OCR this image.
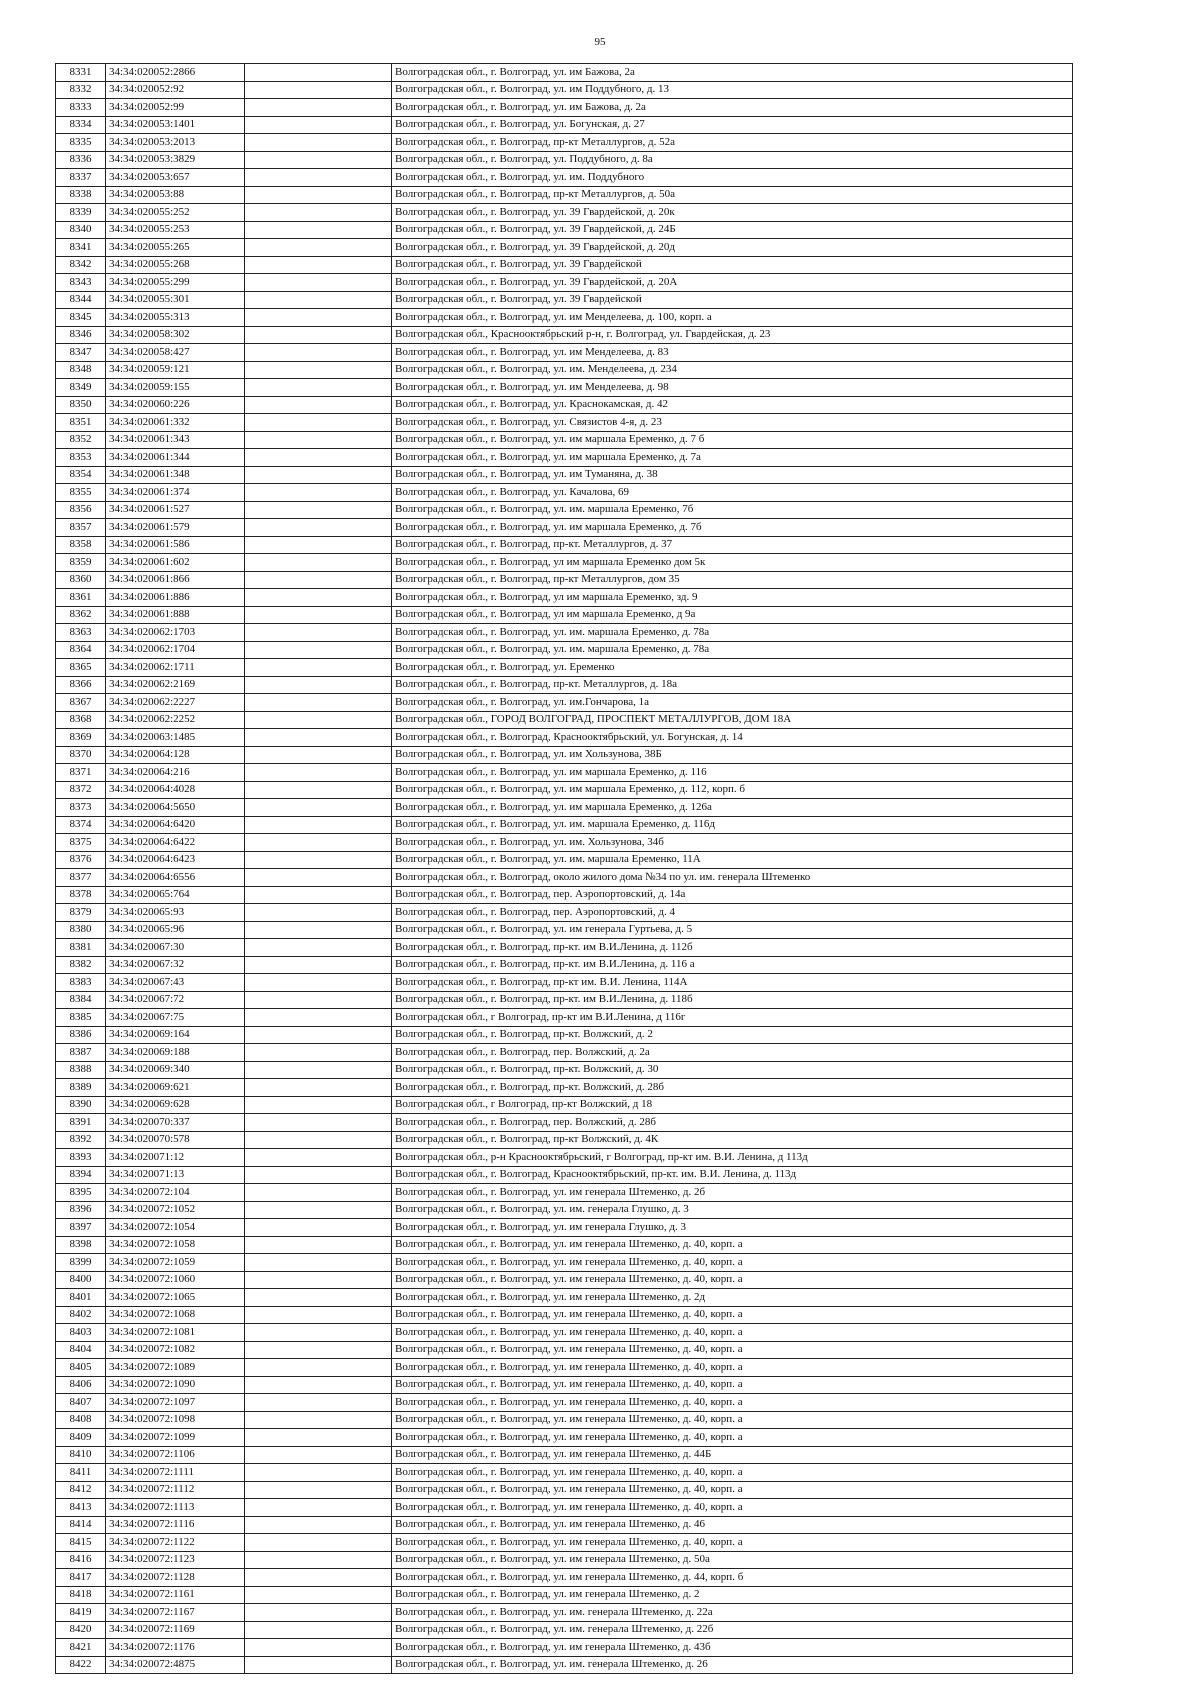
95
8331	34:34:020052:2866		Волгоградская обл., г. Волгоград, ул. им Бажова, 2а
8332	34:34:020052:92		Волгоградская обл., г. Волгоград, ул. им Поддубного, д. 13
8333	34:34:020052:99		Волгоградская обл., г. Волгоград, ул. им Бажова, д. 2а
8334	34:34:020053:1401		Волгоградская обл., г. Волгоград, ул. Богунская, д. 27
8335	34:34:020053:2013		Волгоградская обл., г. Волгоград, пр-кт Металлургов, д. 52а
8336	34:34:020053:3829		Волгоградская обл., г. Волгоград, ул. Поддубного, д. 8а
8337	34:34:020053:657		Волгоградская обл., г. Волгоград, ул. им. Поддубного
8338	34:34:020053:88		Волгоградская обл., г. Волгоград, пр-кт Металлургов, д. 50а
8339	34:34:020055:252		Волгоградская обл., г. Волгоград, ул. 39 Гвардейской, д. 20к
8340	34:34:020055:253		Волгоградская обл., г. Волгоград, ул. 39 Гвардейской, д. 24Б
8341	34:34:020055:265		Волгоградская обл., г. Волгоград, ул. 39 Гвардейской, д. 20д
8342	34:34:020055:268		Волгоградская обл., г. Волгоград, ул. 39 Гвардейской
8343	34:34:020055:299		Волгоградская обл., г. Волгоград, ул. 39 Гвардейской, д. 20А
8344	34:34:020055:301		Волгоградская обл., г. Волгоград, ул. 39 Гвардейской
8345	34:34:020055:313		Волгоградская обл., г. Волгоград, ул. им Менделеева, д. 100, корп. а
8346	34:34:020058:302		Волгоградская обл., Краснооктябрьский р-н, г. Волгоград, ул. Гвардейская, д. 23
8347	34:34:020058:427		Волгоградская обл., г. Волгоград, ул. им Менделеева, д. 83
8348	34:34:020059:121		Волгоградская обл., г. Волгоград, ул. им. Менделеева, д. 234
8349	34:34:020059:155		Волгоградская обл., г. Волгоград, ул. им Менделеева, д. 98
8350	34:34:020060:226		Волгоградская обл., г. Волгоград, ул. Краснокамская, д. 42
8351	34:34:020061:332		Волгоградская обл., г. Волгоград, ул. Связистов 4-я, д. 23
8352	34:34:020061:343		Волгоградская обл., г. Волгоград, ул. им маршала Еременко, д. 7 б
8353	34:34:020061:344		Волгоградская обл., г. Волгоград, ул. им маршала Еременко, д. 7а
8354	34:34:020061:348		Волгоградская обл., г. Волгоград, ул. им Туманяна, д. 38
8355	34:34:020061:374		Волгоградская обл., г. Волгоград, ул. Качалова, 69
8356	34:34:020061:527		Волгоградская обл., г. Волгоград, ул. им. маршала Еременко, 7б
8357	34:34:020061:579		Волгоградская обл., г. Волгоград, ул. им маршала Еременко, д. 7б
8358	34:34:020061:586		Волгоградская обл., г. Волгоград, пр-кт. Металлургов, д. 37
8359	34:34:020061:602		Волгоградская обл., г. Волгоград, ул им маршала Еременко дом 5к
8360	34:34:020061:866		Волгоградская обл., г. Волгоград, пр-кт Металлургов, дом 35
8361	34:34:020061:886		Волгоградская обл., г. Волгоград, ул им маршала Еременко, зд. 9
8362	34:34:020061:888		Волгоградская обл., г. Волгоград, ул им маршала Еременко, д 9а
8363	34:34:020062:1703		Волгоградская обл., г. Волгоград, ул. им. маршала Еременко, д. 78а
8364	34:34:020062:1704		Волгоградская обл., г. Волгоград, ул. им. маршала Еременко, д. 78а
8365	34:34:020062:1711		Волгоградская обл., г. Волгоград, ул. Еременко
8366	34:34:020062:2169		Волгоградская обл., г. Волгоград, пр-кт. Металлургов, д. 18а
8367	34:34:020062:2227		Волгоградская обл., г. Волгоград, ул. им.Гончарова, 1а
8368	34:34:020062:2252		Волгоградская обл., ГОРОД ВОЛГОГРАД, ПРОСПЕКТ МЕТАЛЛУРГОВ, ДОМ 18А
8369	34:34:020063:1485		Волгоградская обл., г. Волгоград, Краснооктябрьский, ул. Богунская, д. 14
8370	34:34:020064:128		Волгоградская обл., г. Волгоград, ул. им Хользунова, 38Б
8371	34:34:020064:216		Волгоградская обл., г. Волгоград, ул. им маршала Еременко, д. 116
8372	34:34:020064:4028		Волгоградская обл., г. Волгоград, ул. им маршала Еременко, д. 112, корп. б
8373	34:34:020064:5650		Волгоградская обл., г. Волгоград, ул. им маршала Еременко, д. 126а
8374	34:34:020064:6420		Волгоградская обл., г. Волгоград, ул. им. маршала Еременко, д. 116д
8375	34:34:020064:6422		Волгоградская обл., г. Волгоград, ул. им. Хользунова, 34б
8376	34:34:020064:6423		Волгоградская обл., г. Волгоград, ул. им. маршала Еременко, 11А
8377	34:34:020064:6556		Волгоградская обл., г. Волгоград, около жилого дома №34 по ул. им. генерала Штеменко
8378	34:34:020065:764		Волгоградская обл., г. Волгоград, пер. Аэропортовский, д. 14а
8379	34:34:020065:93		Волгоградская обл., г. Волгоград, пер. Аэропортовский, д. 4
8380	34:34:020065:96		Волгоградская обл., г. Волгоград, ул. им генерала Гуртьева, д. 5
8381	34:34:020067:30		Волгоградская обл., г. Волгоград, пр-кт. им В.И.Ленина, д. 112б
8382	34:34:020067:32		Волгоградская обл., г. Волгоград, пр-кт. им В.И.Ленина, д. 116 а
8383	34:34:020067:43		Волгоградская обл., г. Волгоград, пр-кт им. В.И. Ленина, 114А
8384	34:34:020067:72		Волгоградская обл., г. Волгоград, пр-кт. им В.И.Ленина, д. 118б
8385	34:34:020067:75		Волгоградская обл., г Волгоград, пр-кт им В.И.Ленина, д 116г
8386	34:34:020069:164		Волгоградская обл., г. Волгоград, пр-кт. Волжский, д. 2
8387	34:34:020069:188		Волгоградская обл., г. Волгоград, пер. Волжский, д. 2а
8388	34:34:020069:340		Волгоградская обл., г. Волгоград, пр-кт. Волжский, д. 30
8389	34:34:020069:621		Волгоградская обл., г. Волгоград, пр-кт. Волжский, д. 28б
8390	34:34:020069:628		Волгоградская обл., г Волгоград, пр-кт Волжский, д 18
8391	34:34:020070:337		Волгоградская обл., г. Волгоград, пер. Волжский, д. 28б
8392	34:34:020070:578		Волгоградская обл., г. Волгоград, пр-кт Волжский, д. 4К
8393	34:34:020071:12		Волгоградская обл., р-н Краснооктябрьский, г Волгоград, пр-кт им. В.И. Ленина, д 113д
8394	34:34:020071:13		Волгоградская обл., г. Волгоград, Краснооктябрьский, пр-кт. им. В.И. Ленина, д. 113д
8395	34:34:020072:104		Волгоградская обл., г. Волгоград, ул. им генерала Штеменко, д. 2б
8396	34:34:020072:1052		Волгоградская обл., г. Волгоград, ул. им. генерала Глушко, д. 3
8397	34:34:020072:1054		Волгоградская обл., г. Волгоград, ул. им генерала Глушко, д. 3
8398	34:34:020072:1058		Волгоградская обл., г. Волгоград, ул. им генерала Штеменко, д. 40, корп. а
8399	34:34:020072:1059		Волгоградская обл., г. Волгоград, ул. им генерала Штеменко, д. 40, корп. а
8400	34:34:020072:1060		Волгоградская обл., г. Волгоград, ул. им генерала Штеменко, д. 40, корп. а
8401	34:34:020072:1065		Волгоградская обл., г. Волгоград, ул. им генерала Штеменко, д. 2д
8402	34:34:020072:1068		Волгоградская обл., г. Волгоград, ул. им генерала Штеменко, д. 40, корп. а
8403	34:34:020072:1081		Волгоградская обл., г. Волгоград, ул. им генерала Штеменко, д. 40, корп. а
8404	34:34:020072:1082		Волгоградская обл., г. Волгоград, ул. им генерала Штеменко, д. 40, корп. а
8405	34:34:020072:1089		Волгоградская обл., г. Волгоград, ул. им генерала Штеменко, д. 40, корп. а
8406	34:34:020072:1090		Волгоградская обл., г. Волгоград, ул. им генерала Штеменко, д. 40, корп. а
8407	34:34:020072:1097		Волгоградская обл., г. Волгоград, ул. им генерала Штеменко, д. 40, корп. а
8408	34:34:020072:1098		Волгоградская обл., г. Волгоград, ул. им генерала Штеменко, д. 40, корп. а
8409	34:34:020072:1099		Волгоградская обл., г. Волгоград, ул. им генерала Штеменко, д. 40, корп. а
8410	34:34:020072:1106		Волгоградская обл., г. Волгоград, ул. им генерала Штеменко, д. 44Б
8411	34:34:020072:1111		Волгоградская обл., г. Волгоград, ул. им генерала Штеменко, д. 40, корп. а
8412	34:34:020072:1112		Волгоградская обл., г. Волгоград, ул. им генерала Штеменко, д. 40, корп. а
8413	34:34:020072:1113		Волгоградская обл., г. Волгоград, ул. им генерала Штеменко, д. 40, корп. а
8414	34:34:020072:1116		Волгоградская обл., г. Волгоград, ул. им генерала Штеменко, д. 46
8415	34:34:020072:1122		Волгоградская обл., г. Волгоград, ул. им генерала Штеменко, д. 40, корп. а
8416	34:34:020072:1123		Волгоградская обл., г. Волгоград, ул. им генерала Штеменко, д. 50а
8417	34:34:020072:1128		Волгоградская обл., г. Волгоград, ул. им генерала Штеменко, д. 44, корп. б
8418	34:34:020072:1161		Волгоградская обл., г. Волгоград, ул. им генерала Штеменко, д. 2
8419	34:34:020072:1167		Волгоградская обл., г. Волгоград, ул. им. генерала Штеменко, д. 22а
8420	34:34:020072:1169		Волгоградская обл., г. Волгоград, ул. им. генерала Штеменко, д. 22б
8421	34:34:020072:1176		Волгоградская обл., г. Волгоград, ул. им генерала Штеменко, д. 43б
8422	34:34:020072:4875		Волгоградская обл., г. Волгоград, ул. им. генерала Штеменко, д. 26
